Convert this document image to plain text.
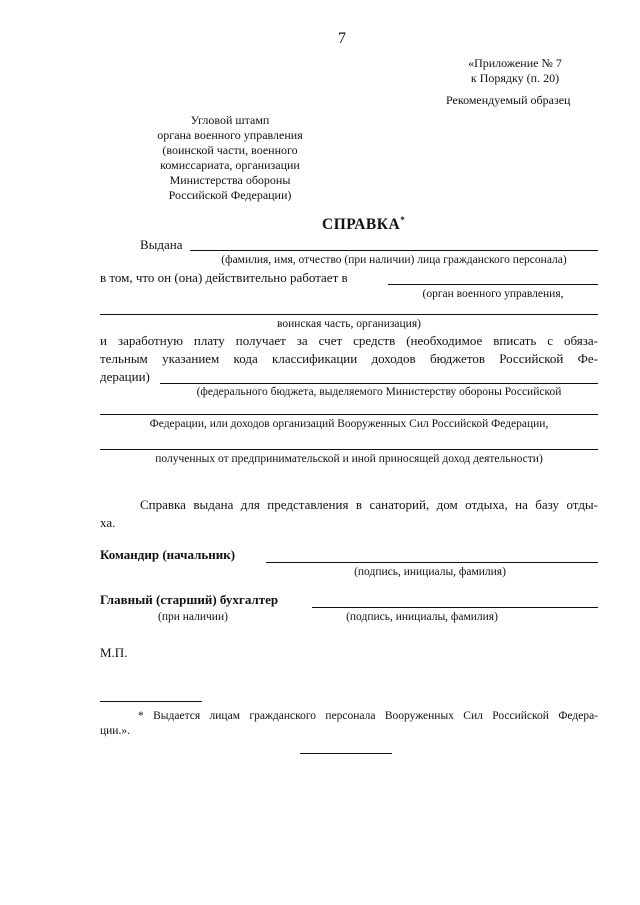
7
«Приложение № 7
к Порядку (п. 20)
Рекомендуемый образец
Угловой штамп
органа военного управления
(воинской части, военного
комиссариата, организации
Министерства обороны
Российской Федерации)
СПРАВКА*
Выдана
(фамилия, имя, отчество (при наличии) лица гражданского персонала)
в том, что он (она) действительно работает в
(орган военного управления,
воинская часть, организация)
и заработную плату получает за счет средств (необходимое вписать с обяза-
тельным указанием кода классификации доходов бюджетов Российской Фе-
дерации)
(федерального бюджета, выделяемого Министерству обороны Российской
Федерации, или доходов организаций Вооруженных Сил Российской Федерации,
полученных от предпринимательской и иной приносящей доход деятельности)
Справка выдана для представления в санаторий, дом отдыха, на базу отды-
ха.
Командир (начальник)
(подпись, инициалы, фамилия)
Главный (старший) бухгалтер
(при наличии)	(подпись, инициалы, фамилия)
М.П.
* Выдается лицам гражданского персонала Вооруженных Сил Российской Федера-
ции.».
